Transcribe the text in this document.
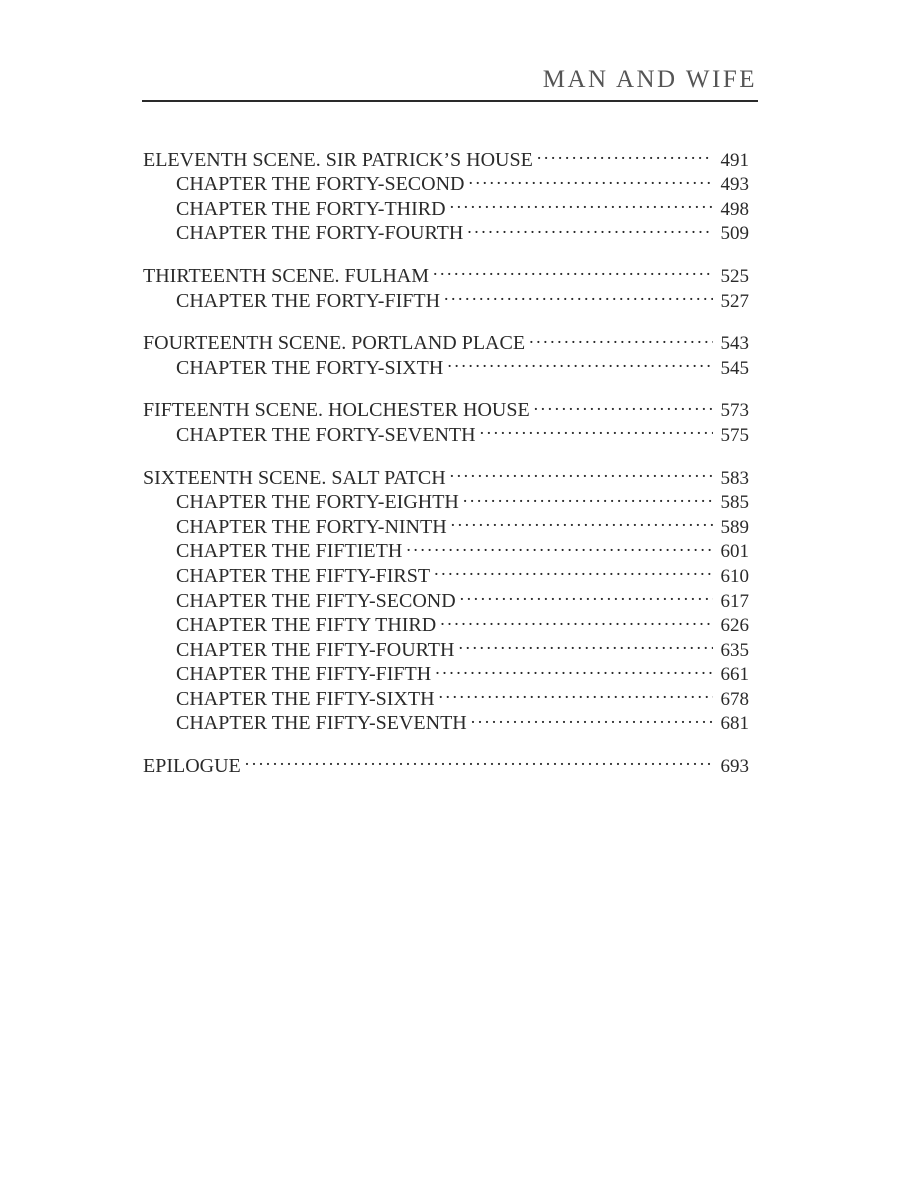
MAN AND WIFE
ELEVENTH SCENE. SIR PATRICK’S HOUSE . . .	491
CHAPTER THE FORTY-SECOND . . .	493
CHAPTER THE FORTY-THIRD . . .	498
CHAPTER THE FORTY-FOURTH . . .	509
THIRTEENTH SCENE. FULHAM . . .	525
CHAPTER THE FORTY-FIFTH . . .	527
FOURTEENTH SCENE. PORTLAND PLACE . . .	543
CHAPTER THE FORTY-SIXTH . . .	545
FIFTEENTH SCENE. HOLCHESTER HOUSE . . .	573
CHAPTER THE FORTY-SEVENTH . . .	575
SIXTEENTH SCENE. SALT PATCH . . .	583
CHAPTER THE FORTY-EIGHTH . . .	585
CHAPTER THE FORTY-NINTH . . .	589
CHAPTER THE FIFTIETH . . .	601
CHAPTER THE FIFTY-FIRST . . .	610
CHAPTER THE FIFTY-SECOND . . .	617
CHAPTER THE FIFTY THIRD . . .	626
CHAPTER THE FIFTY-FOURTH . . .	635
CHAPTER THE FIFTY-FIFTH . . .	661
CHAPTER THE FIFTY-SIXTH . . .	678
CHAPTER THE FIFTY-SEVENTH . . .	681
EPILOGUE . . .	693
